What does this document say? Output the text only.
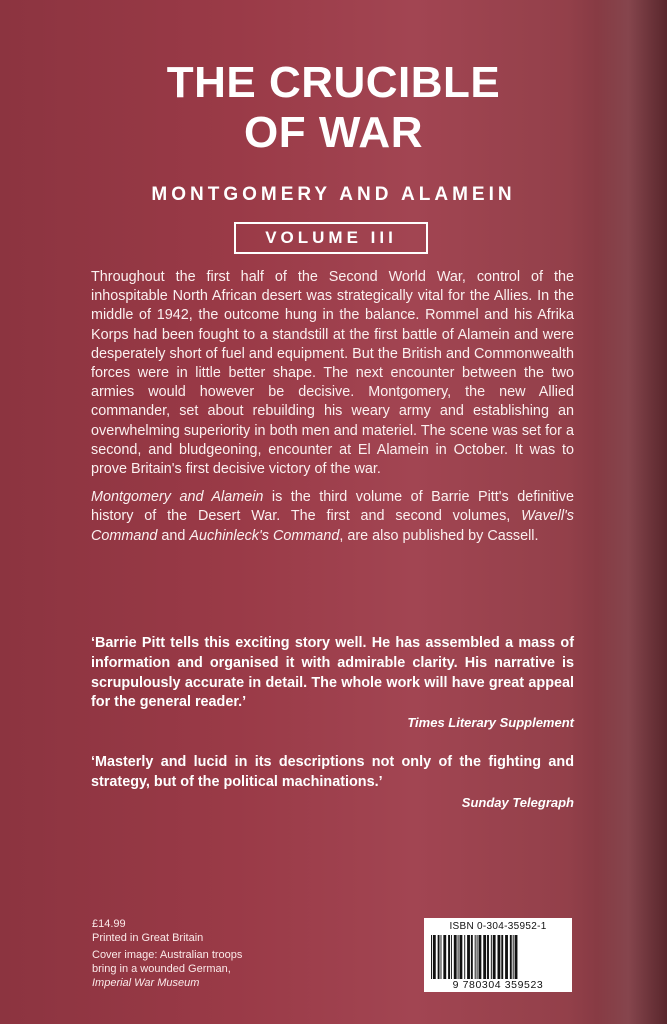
THE CRUCIBLE
OF WAR
MONTGOMERY AND ALAMEIN
VOLUME III

Throughout the first half of the Second World War, control of the inhospitable North African desert was strategically vital for the Allies. In the middle of 1942, the outcome hung in the balance. Rommel and his Afrika Korps had been fought to a standstill at the first battle of Alamein and were desperately short of fuel and equipment. But the British and Commonwealth forces were in little better shape. The next encounter between the two armies would however be decisive. Montgomery, the new Allied commander, set about rebuilding his weary army and establishing an overwhelming superiority in both men and materiel. The scene was set for a second, and bludgeoning, encounter at El Alamein in October. It was to prove Britain's first decisive victory of the war.

Montgomery and Alamein is the third volume of Barrie Pitt's definitive history of the Desert War. The first and second volumes, Wavell's Command and Auchinleck's Command, are also published by Cassell.

‘Barrie Pitt tells this exciting story well. He has assembled a mass of information and organised it with admirable clarity. His narrative is scrupulously accurate in detail. The whole work will have great appeal for the general reader.’
Times Literary Supplement
‘Masterly and lucid in its descriptions not only of the fighting and strategy, but of the political machinations.’
Sunday Telegraph
£14.99
Printed in Great Britain
Cover image: Australian troops
bring in a wounded German,
Imperial War Museum
ISBN 0-304-35952-1
9 780304 359523
